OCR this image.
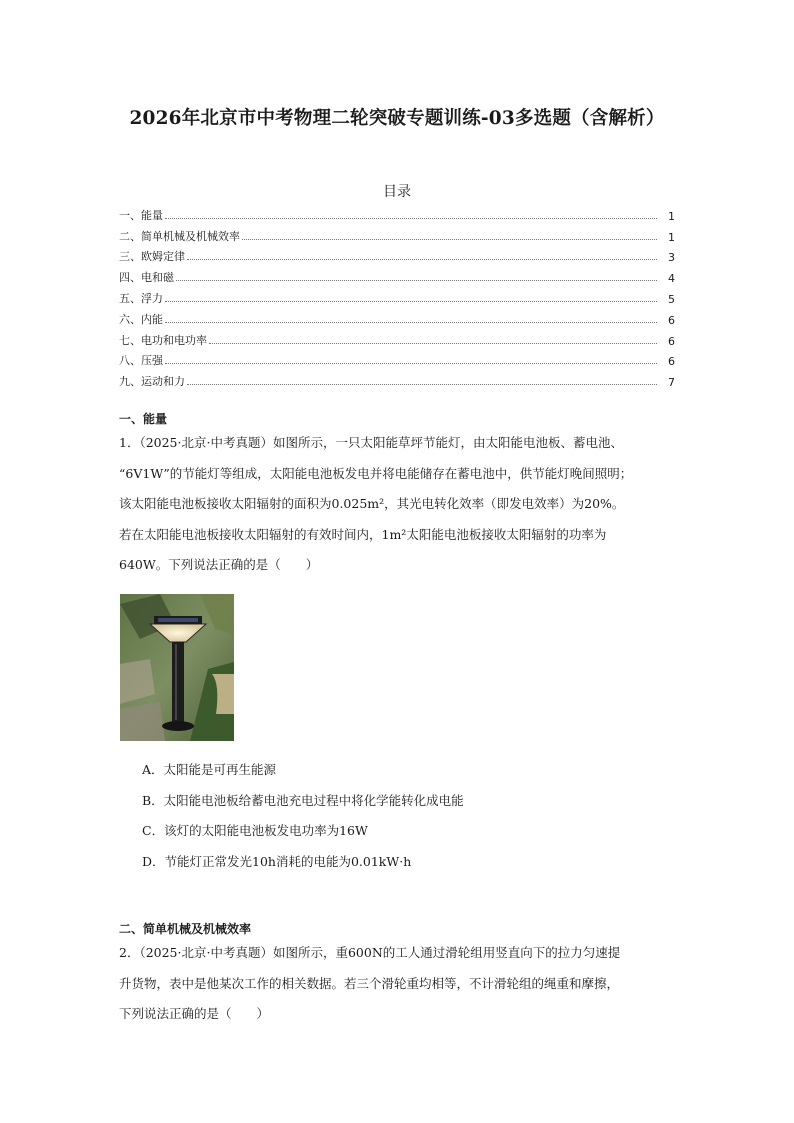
2026年北京市中考物理二轮突破专题训练-03多选题（含解析）
目录
一、能量	1
二、简单机械及机械效率	1
三、欧姆定律	3
四、电和磁	4
五、浮力	5
六、内能	6
七、电功和电功率	6
八、压强	6
九、运动和力	7
一、能量

1．（2025·北京·中考真题）如图所示，一只太阳能草坪节能灯，由太阳能电池板、蓄电池、

“6V1W”的节能灯等组成，太阳能电池板发电并将电能储存在蓄电池中，供节能灯晚间照明；

该太阳能电池板接收太阳辐射的面积为0.025m²，其光电转化效率（即发电效率）为20%。

若在太阳能电池板接收太阳辐射的有效时间内，1m²太阳能电池板接收太阳辐射的功率为

640W。下列说法正确的是（　　）

A．太阳能是可再生能源
B．太阳能电池板给蓄电池充电过程中将化学能转化成电能
C．该灯的太阳能电池板发电功率为16W
D．节能灯正常发光10h消耗的电能为0.01kW·h
二、简单机械及机械效率

2．（2025·北京·中考真题）如图所示，重600N的工人通过滑轮组用竖直向下的拉力匀速提

升货物，表中是他某次工作的相关数据。若三个滑轮重均相等，不计滑轮组的绳重和摩擦，

下列说法正确的是（　　）
